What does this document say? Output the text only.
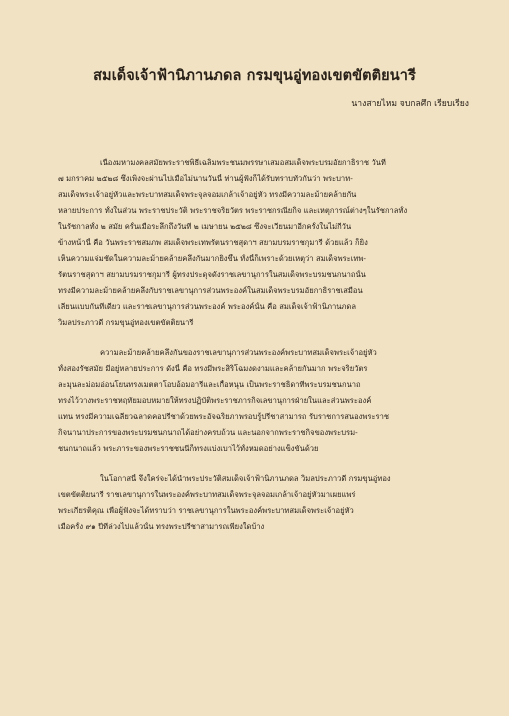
สมเด็จเจ้าฟ้านิภานภดล กรมขุนอู่ทองเขตขัตติยนารี
นางสายไหม จบกลศึก เรียบเรียง
เนื่องมหามงคลสมัยพระราชพิธีเฉลิมพระชนมพรรษาเสมอสมเด็จพระบรมอัยกาธิราช วันที่
๗ มกราคม ๒๕๒๘ ซึ่งเพิ่งจะผ่านไปเมื่อไม่นานวันนี้ ท่านผู้ฟังก็ได้รับทราบทั่วกันว่า พระบาท-
สมเด็จพระเจ้าอยู่หัวและพระบาทสมเด็จพระจุลจอมเกล้าเจ้าอยู่หัว ทรงมีความละม้ายคล้ายกัน
หลายประการ ทั้งในส่วน พระราชประวัติ พระราชจริยวัตร พระราชกรณียกิจ และเหตุการณ์ต่างๆในรัชกาลทั้ง
ในรัชกาลทั้ง ๒ สมัย ครั้นเมื่อระลึกถึงวันที่ ๒ เมษายน ๒๕๒๘ ซึ่งจะเวียนมาอีกครั้งในไม่กี่วัน
ข้างหน้านี้ คือ วันพระราชสมภพ สมเด็จพระเทพรัตนราชสุดาฯ สยามบรมราชกุมารี ด้วยแล้ว ก็ยิ่ง
เห็นความแจ่มชัดในความละม้ายคล้ายคลึงกันมากยิ่งขึ้น ทั้งนี้ก็เพราะด้วยเหตุว่า สมเด็จพระเทพ-
รัตนราชสุดาฯ สยามบรมราชกุมารี ผู้ทรงประดุจดังราชเลขานุการในสมเด็จพระบรมชนกนาถนั้น
ทรงมีความละม้ายคล้ายคลึงกับราชเลขานุการส่วนพระองค์ในสมเด็จพระบรมอัยกาธิราชเสมือน
เลียนแบบกันทีเดียว และราชเลขานุการส่วนพระองค์ พระองค์นั้น คือ สมเด็จเจ้าฟ้านิภานภดล
วิมลประภาวดี กรมขุนอู่ทองเขตขัตติยนารี
ความละม้ายคล้ายคลึงกันของราชเลขานุการส่วนพระองค์พระบาทสมเด็จพระเจ้าอยู่หัว
ทั้งสองรัชสมัย มีอยู่หลายประการ ดังนี้ คือ ทรงมีพระสิริโฉมงดงามและคล้ายกันมาก พระจริยวัตร
ละมุนละม่อมอ่อนโยนทรงเมตตาโอบอ้อมอารีและเกื้อหนุน เป็นพระราชธิดาที่พระบรมชนกนาถ
ทรงไว้วางพระราชหฤทัยมอบหมายให้ทรงปฏิบัติพระราชภารกิจเลขานุการฝ่ายในและส่วนพระองค์
แทน ทรงมีความเฉลียวฉลาดคอปรีชาด้วยพระอัจฉริยภาพรอบรู้ปรีชาสามารถ รับราชการสนองพระราช
กิจนานาประการของพระบรมชนกนาถได้อย่างครบถ้วน และนอกจากพระราชกิจของพระบรม-
ชนกนาถแล้ว พระภาระของพระราชชนนีก็ทรงแบ่งเบาไว้ทั้งหมดอย่างแข็งขันด้วย
ในโอกาสนี้ จึงใคร่จะได้นำพระประวัติสมเด็จเจ้าฟ้านิภานภดล วิมลประภาวดี กรมขุนอู่ทอง
เขตขัตติยนารี ราชเลขานุการในพระองค์พระบาทสมเด็จพระจุลจอมเกล้าเจ้าอยู่หัวมาเผยแพร่
พระเกียรติคุณ เพื่อผู้ฟังจะได้ทราบว่า ราชเลขานุการในพระองค์พระบาทสมเด็จพระเจ้าอยู่หัว
เมื่อครั้ง ๙๑ ปีที่ล่วงไปแล้วนั้น ทรงพระปรีชาสามารถเพียงใดบ้าง
